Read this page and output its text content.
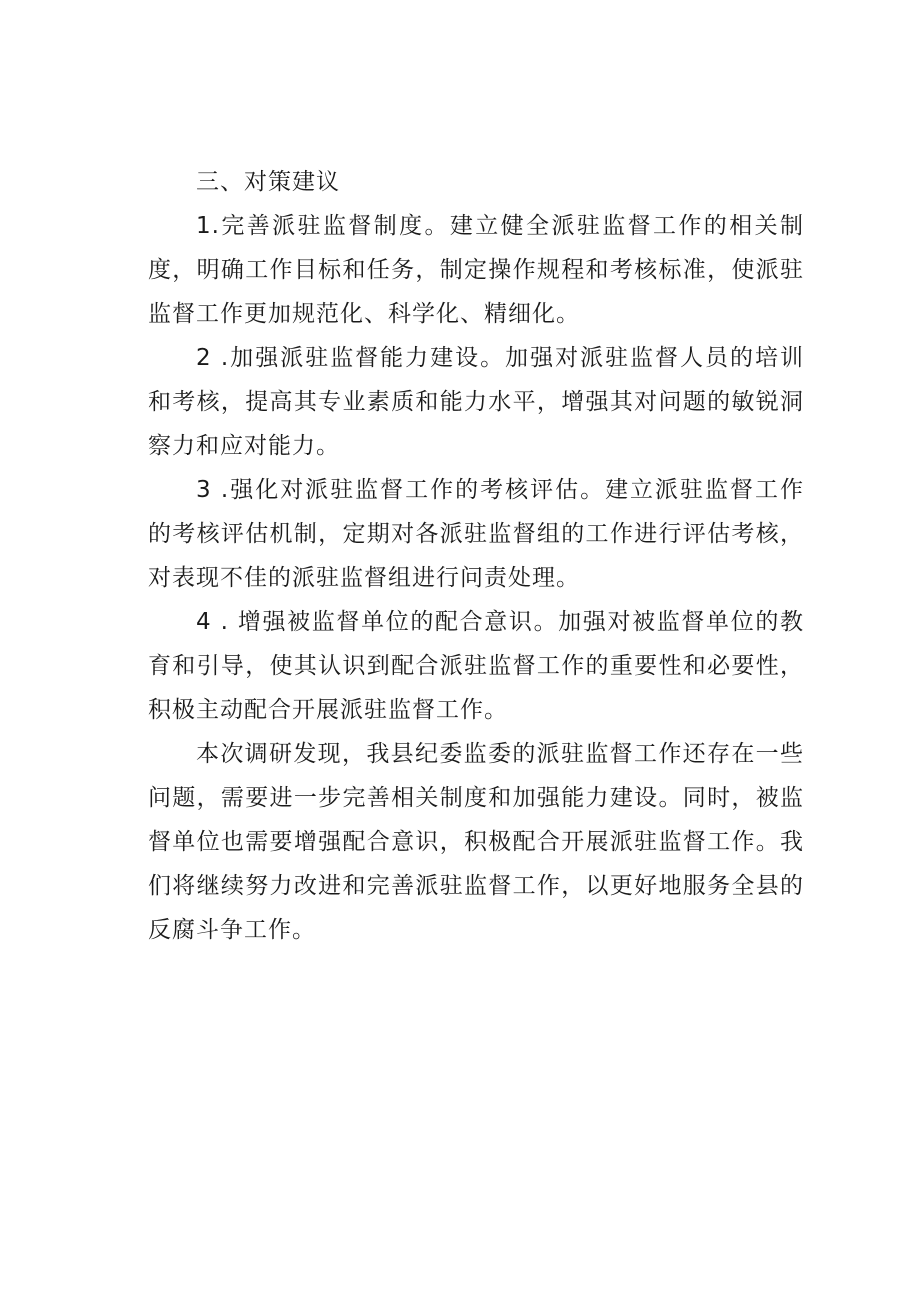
三、对策建议

1.完善派驻监督制度。建立健全派驻监督工作的相关制度，明确工作目标和任务，制定操作规程和考核标准，使派驻监督工作更加规范化、科学化、精细化。

2 .加强派驻监督能力建设。加强对派驻监督人员的培训和考核，提高其专业素质和能力水平，增强其对问题的敏锐洞察力和应对能力。

3 .强化对派驻监督工作的考核评估。建立派驻监督工作的考核评估机制，定期对各派驻监督组的工作进行评估考核，对表现不佳的派驻监督组进行问责处理。

4 . 增强被监督单位的配合意识。加强对被监督单位的教育和引导，使其认识到配合派驻监督工作的重要性和必要性，积极主动配合开展派驻监督工作。

本次调研发现，我县纪委监委的派驻监督工作还存在一些问题，需要进一步完善相关制度和加强能力建设。同时，被监督单位也需要增强配合意识，积极配合开展派驻监督工作。我们将继续努力改进和完善派驻监督工作，以更好地服务全县的反腐斗争工作。
